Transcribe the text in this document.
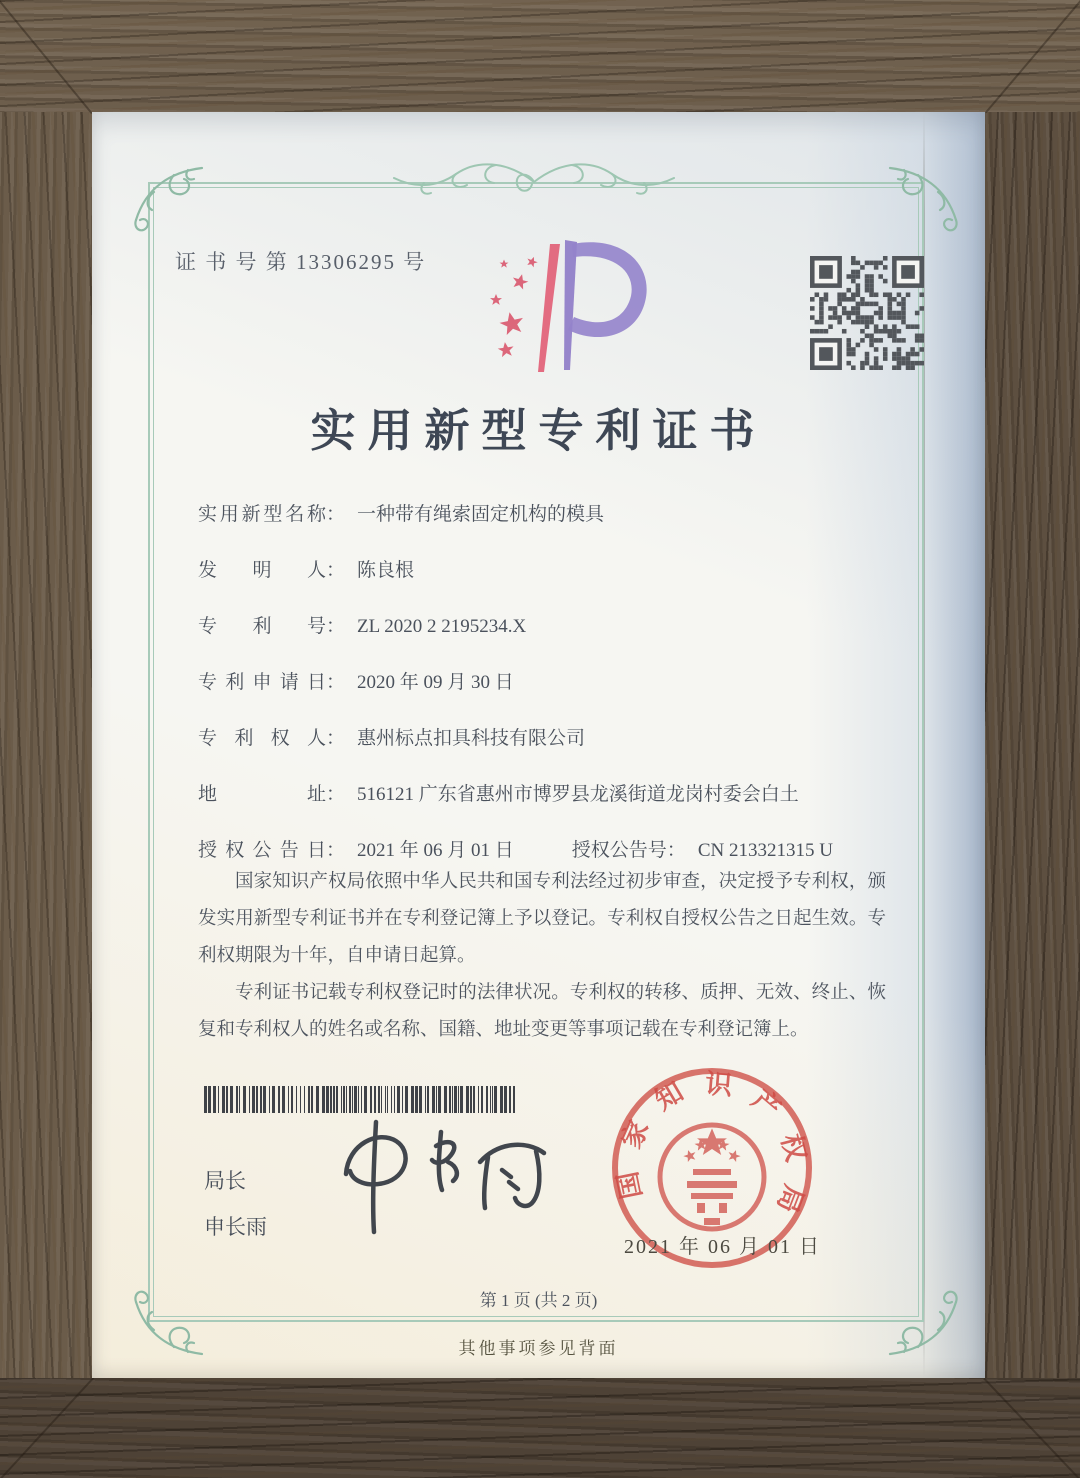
证 书 号 第 13306295 号
实用新型专利证书
实用新型名称： 一种带有绳索固定机构的模具
发明人： 陈良根
专利号： ZL 2020 2 2195234.X
专利申请日： 2020 年 09 月 30 日
专利权人： 惠州标点扣具科技有限公司
地址： 516121 广东省惠州市博罗县龙溪街道龙岗村委会白土
授权公告日： 2021 年 06 月 01 日	授权公告号： CN 213321315 U

国家知识产权局依照中华人民共和国专利法经过初步审查，决定授予专利权，颁发实用新型专利证书并在专利登记簿上予以登记。专利权自授权公告之日起生效。专利权期限为十年，自申请日起算。

专利证书记载专利权登记时的法律状况。专利权的转移、质押、无效、终止、恢复和专利权人的姓名或名称、国籍、地址变更等事项记载在专利登记簿上。

局长
申长雨
国家知识产权局
2021 年 06 月 01 日
第 1 页 (共 2 页)
其他事项参见背面
